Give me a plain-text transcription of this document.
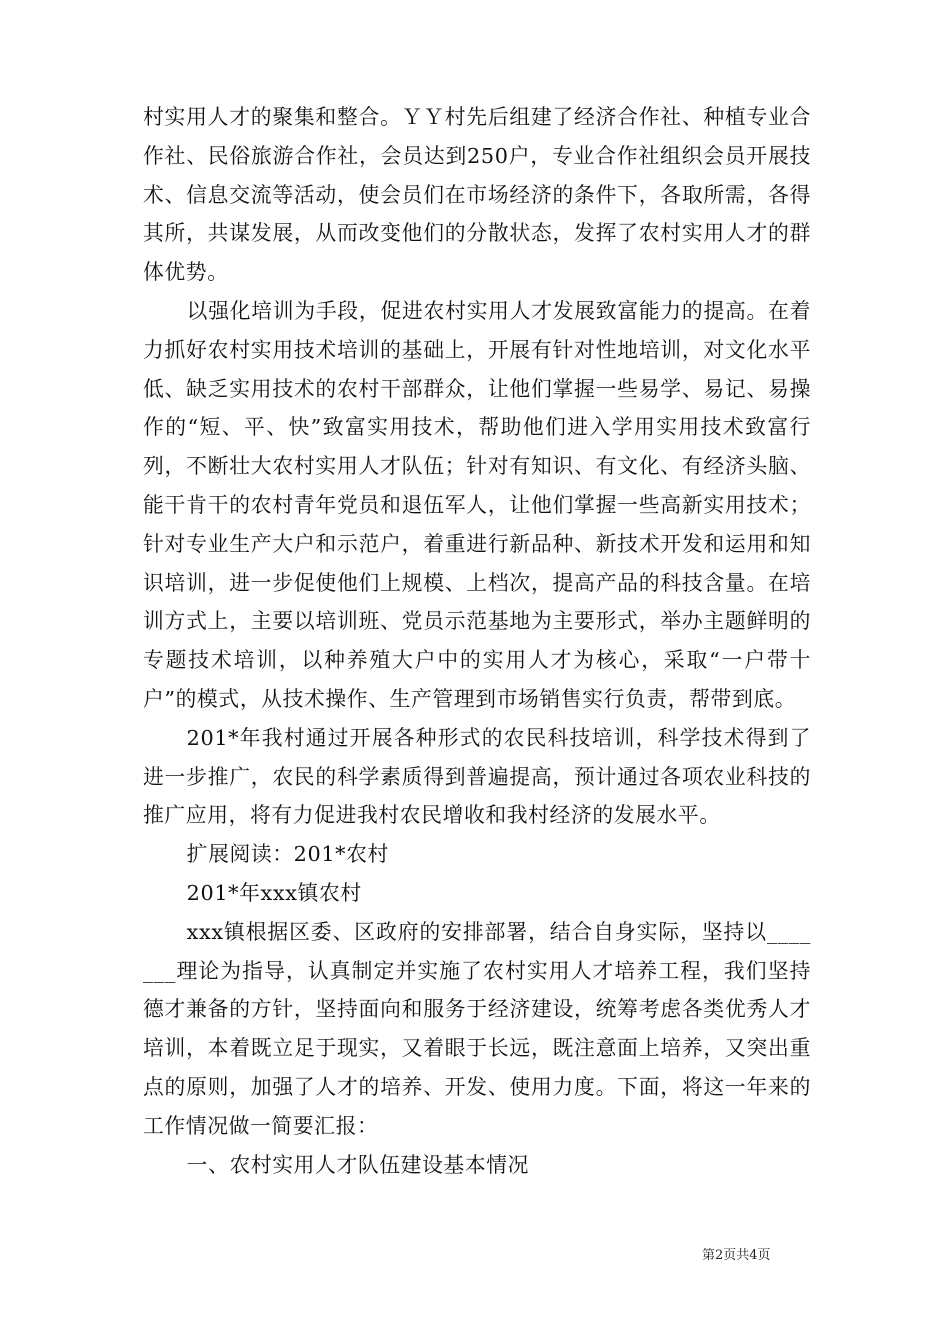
村实用人才的聚集和整合。ＹＹ村先后组建了经济合作社、种植专业合作社、民俗旅游合作社，会员达到250户，专业合作社组织会员开展技术、信息交流等活动，使会员们在市场经济的条件下，各取所需，各得其所，共谋发展，从而改变他们的分散状态，发挥了农村实用人才的群体优势。

以强化培训为手段，促进农村实用人才发展致富能力的提高。在着力抓好农村实用技术培训的基础上，开展有针对性地培训，对文化水平低、缺乏实用技术的农村干部群众，让他们掌握一些易学、易记、易操作的“短、平、快”致富实用技术，帮助他们进入学用实用技术致富行列，不断壮大农村实用人才队伍；针对有知识、有文化、有经济头脑、能干肯干的农村青年党员和退伍军人，让他们掌握一些高新实用技术；针对专业生产大户和示范户，着重进行新品种、新技术开发和运用和知识培训，进一步促使他们上规模、上档次，提高产品的科技含量。在培训方式上，主要以培训班、党员示范基地为主要形式，举办主题鲜明的专题技术培训，以种养殖大户中的实用人才为核心，采取“一户带十户”的模式，从技术操作、生产管理到市场销售实行负责，帮带到底。

201*年我村通过开展各种形式的农民科技培训，科学技术得到了进一步推广，农民的科学素质得到普遍提高，预计通过各项农业科技的推广应用，将有力促进我村农民增收和我村经济的发展水平。

扩展阅读：201*农村

201*年xxx镇农村

xxx镇根据区委、区政府的安排部署，结合自身实际，坚持以_______理论为指导，认真制定并实施了农村实用人才培养工程，我们坚持德才兼备的方针，坚持面向和服务于经济建设，统筹考虑各类优秀人才培训，本着既立足于现实，又着眼于长远，既注意面上培养，又突出重点的原则，加强了人才的培养、开发、使用力度。下面，将这一年来的工作情况做一简要汇报：

一、农村实用人才队伍建设基本情况

第2页共4页
